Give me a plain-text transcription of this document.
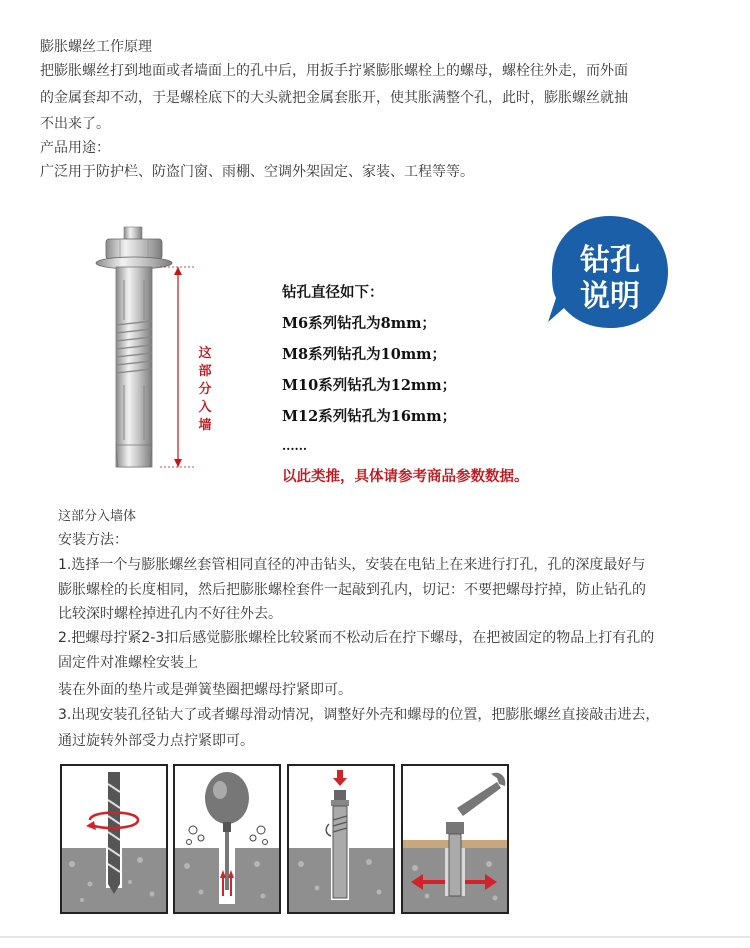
膨胀螺丝工作原理

把膨胀螺丝打到地面或者墙面上的孔中后，用扳手拧紧膨胀螺栓上的螺母，螺栓往外走，而外面

的金属套却不动，于是螺栓底下的大头就把金属套胀开，使其胀满整个孔，此时，膨胀螺丝就抽

不出来了。

产品用途：

广泛用于防护栏、防盗门窗、雨棚、空调外架固定、家装、工程等等。

这
部
分
入
墙
钻孔
说明

钻孔直径如下：

M6系列钻孔为8mm；

M8系列钻孔为10mm；

M10系列钻孔为12mm；

M12系列钻孔为16mm；

......

以此类推，具体请参考商品参数数据。

这部分入墙体

安装方法：

1.选择一个与膨胀螺丝套管相同直径的冲击钻头，安装在电钻上在来进行打孔，孔的深度最好与

膨胀螺栓的长度相同，然后把膨胀螺栓套件一起敲到孔内，切记：不要把螺母拧掉，防止钻孔的

比较深时螺栓掉进孔内不好往外去。

2.把螺母拧紧2-3扣后感觉膨胀螺栓比较紧而不松动后在拧下螺母，在把被固定的物品上打有孔的

固定件对准螺栓安装上

装在外面的垫片或是弹簧垫圈把螺母拧紧即可。

3.出现安装孔径钻大了或者螺母滑动情况，调整好外壳和螺母的位置，把膨胀螺丝直接敲击进去，

通过旋转外部受力点拧紧即可。
